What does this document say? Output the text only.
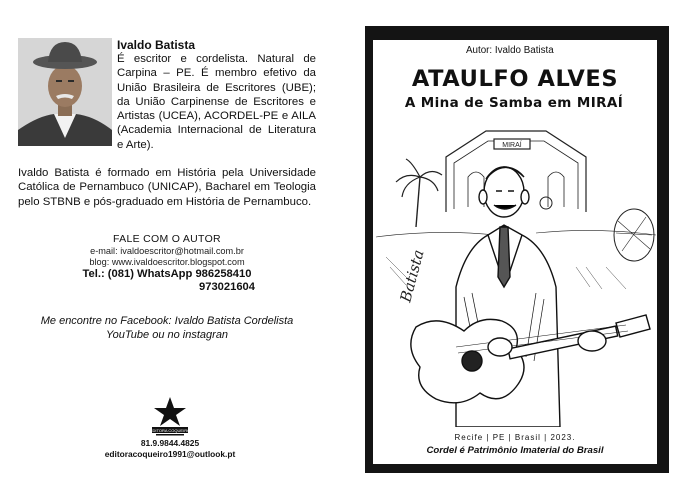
Ivaldo Batista
É escritor e cordelista. Natural de Carpina – PE. É membro efetivo da União Brasileira de Escritores (UBE); da União Carpinense de Escritores e Artistas (UCEA), ACORDEL-PE e AILA (Academia Internacional de Literatura e Arte).
Ivaldo Batista é formado em História pela Universidade Católica de Pernambuco (UNICAP), Bacharel em Teologia pelo STBNB e pós-graduado em História de Pernambuco.
FALE COM O AUTOR
e-mail: ivaldoescritor@hotmail.com.br
blog: www.ivaldoescritor.blogspot.com
Tel.: (081) WhatsApp 986258410
973021604
Me encontre no Facebook: Ivaldo Batista Cordelista
YouTube ou no instagran
EDITORA COQUEIRO
81.9.9844.4825
editoracoqueiro1991@outlook.pt
Autor: Ivaldo Batista
ATAULFO ALVES
A Mina de Samba em MIRAÍ
Batista
MIRAÍ
Recife | PE | Brasil | 2023.
Cordel é Patrimônio Imaterial do Brasil
